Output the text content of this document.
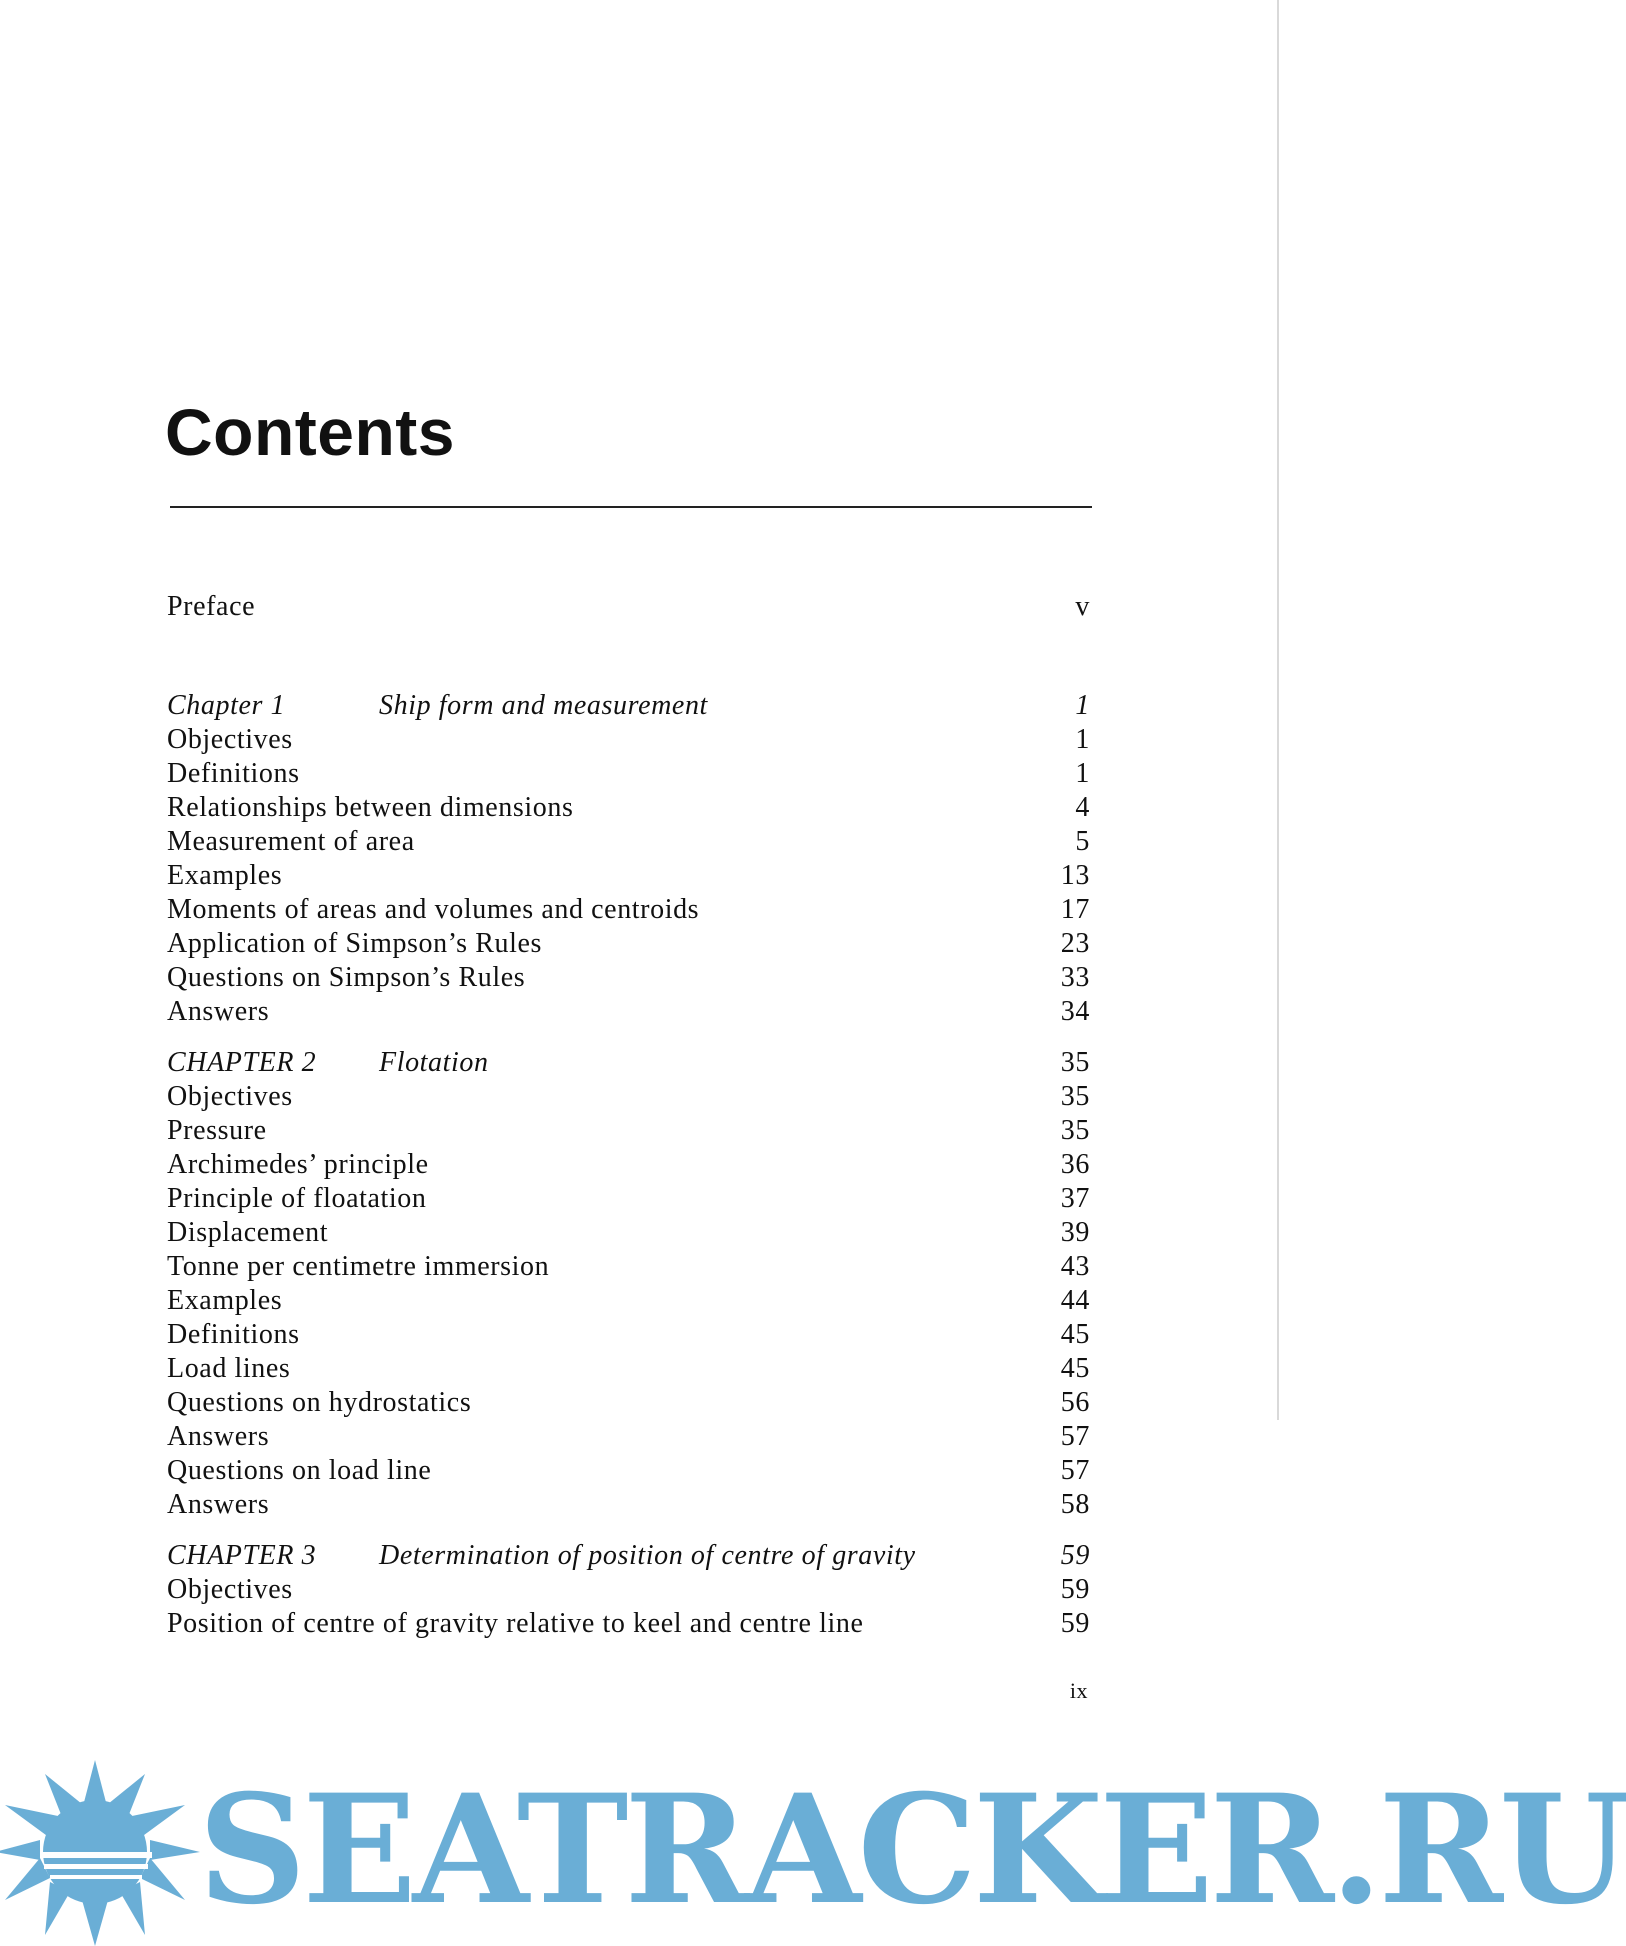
Contents
Preface	v
Chapter 1	Ship form and measurement	1
Objectives	1
Definitions	1
Relationships between dimensions	4
Measurement of area	5
Examples	13
Moments of areas and volumes and centroids	17
Application of Simpson’s Rules	23
Questions on Simpson’s Rules	33
Answers	34
CHAPTER 2 Flotation	35
Objectives	35
Pressure	35
Archimedes’ principle	36
Principle of floatation	37
Displacement	39
Tonne per centimetre immersion	43
Examples	44
Definitions	45
Load lines	45
Questions on hydrostatics	56
Answers	57
Questions on load line	57
Answers	58
CHAPTER 3 Determination of position of centre of gravity	59
Objectives	59
Position of centre of gravity relative to keel and centre line	59
ix
SEATRACKER.RU
